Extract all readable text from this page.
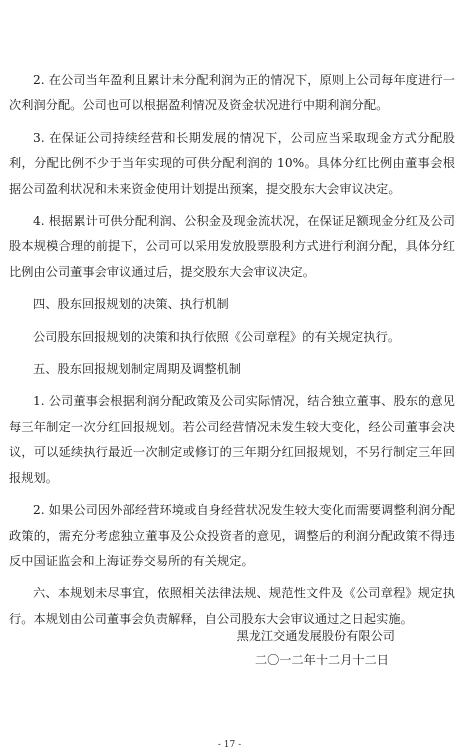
2. 在公司当年盈利且累计未分配利润为正的情况下，原则上公司每年度进行一次利润分配。公司也可以根据盈利情况及资金状况进行中期利润分配。

3. 在保证公司持续经营和长期发展的情况下，公司应当采取现金方式分配股利，分配比例不少于当年实现的可供分配利润的 10%。具体分红比例由董事会根据公司盈利状况和未来资金使用计划提出预案，提交股东大会审议决定。

4. 根据累计可供分配利润、公积金及现金流状况，在保证足额现金分红及公司股本规模合理的前提下，公司可以采用发放股票股利方式进行利润分配，具体分红比例由公司董事会审议通过后，提交股东大会审议决定。

四、股东回报规划的决策、执行机制

公司股东回报规划的决策和执行依照《公司章程》的有关规定执行。

五、股东回报规划制定周期及调整机制

1. 公司董事会根据利润分配政策及公司实际情况，结合独立董事、股东的意见每三年制定一次分红回报规划。若公司经营情况未发生较大变化，经公司董事会决议，可以延续执行最近一次制定或修订的三年期分红回报规划，不另行制定三年回报规划。

2. 如果公司因外部经营环境或自身经营状况发生较大变化而需要调整利润分配政策的，需充分考虑独立董事及公众投资者的意见，调整后的利润分配政策不得违反中国证监会和上海证券交易所的有关规定。

六、本规划未尽事宜，依照相关法律法规、规范性文件及《公司章程》规定执行。本规划由公司董事会负责解释，自公司股东大会审议通过之日起实施。

黑龙江交通发展股份有限公司
二〇一二年十二月十二日
- 17 -
